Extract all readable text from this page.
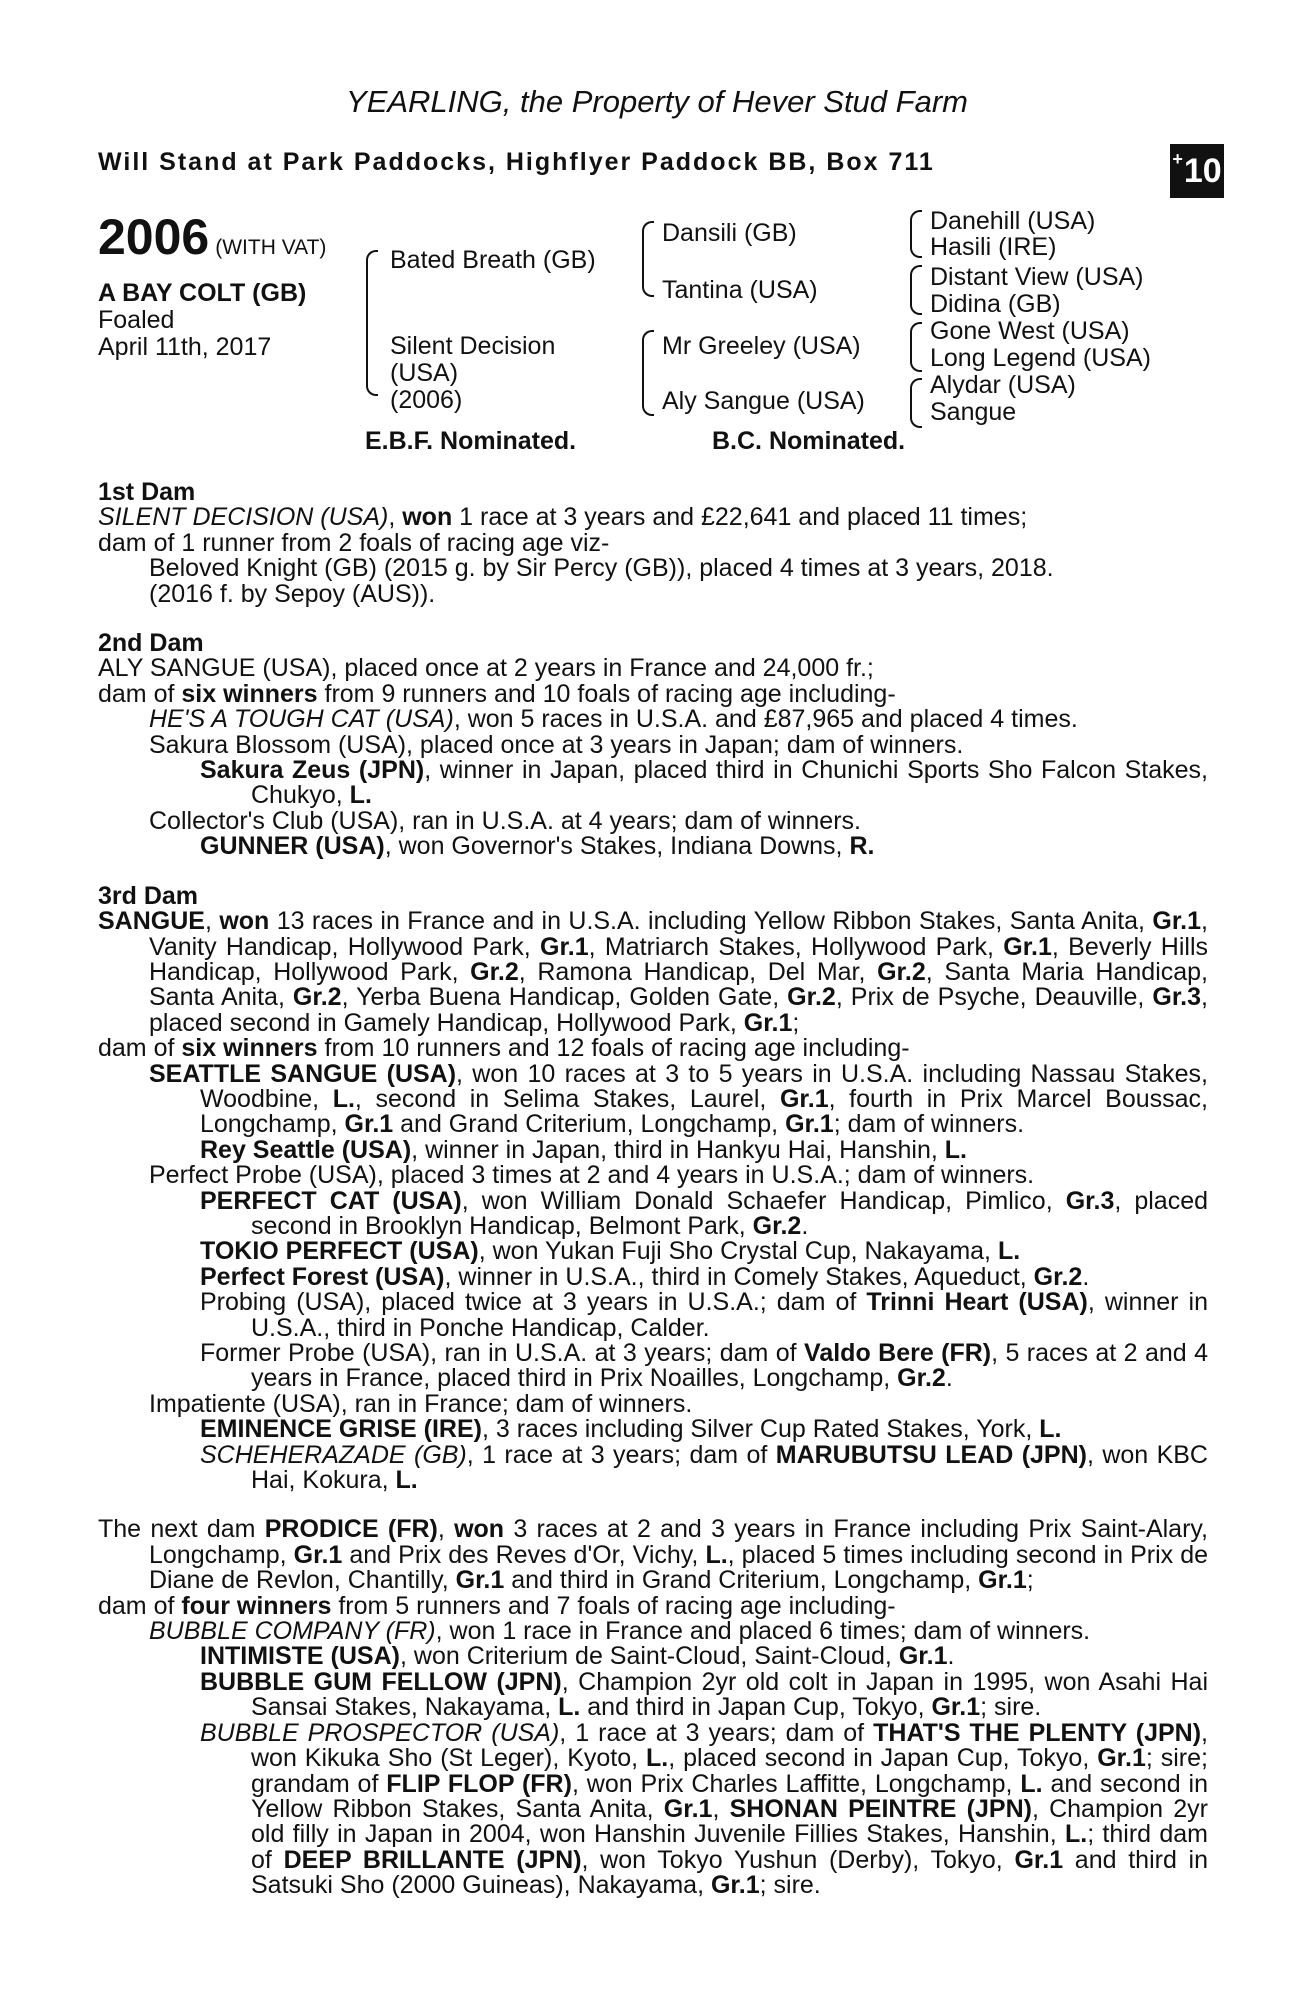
YEARLING, the Property of Hever Stud Farm
Will Stand at Park Paddocks, Highflyer Paddock BB, Box 711	+ 10
2006 (WITH VAT)
A BAY COLT (GB)
Foaled
April 11th, 2017
Bated Breath (GB)
Silent Decision
(USA)
(2006)
Dansili (GB)
Tantina (USA)
Mr Greeley (USA)
Aly Sangue (USA)
Danehill (USA)
Hasili (IRE)
Distant View (USA)
Didina (GB)
Gone West (USA)
Long Legend (USA)
Alydar (USA)
Sangue
E.B.F. Nominated.	B.C. Nominated.
1st Dam
SILENT DECISION (USA), won 1 race at 3 years and £22,641 and placed 11 times;
dam of 1 runner from 2 foals of racing age viz-
Beloved Knight (GB) (2015 g. by Sir Percy (GB)), placed 4 times at 3 years, 2018.
(2016 f. by Sepoy (AUS)).
2nd Dam
ALY SANGUE (USA), placed once at 2 years in France and 24,000 fr.;
dam of six winners from 9 runners and 10 foals of racing age including-
HE'S A TOUGH CAT (USA), won 5 races in U.S.A. and £87,965 and placed 4 times.
Sakura Blossom (USA), placed once at 3 years in Japan; dam of winners.
Sakura Zeus (JPN), winner in Japan, placed third in Chunichi Sports Sho Falcon Stakes, Chukyo, L.
Collector's Club (USA), ran in U.S.A. at 4 years; dam of winners.
GUNNER (USA), won Governor's Stakes, Indiana Downs, R.
3rd Dam
SANGUE, won 13 races in France and in U.S.A. including Yellow Ribbon Stakes, Santa Anita, Gr.1, Vanity Handicap, Hollywood Park, Gr.1, Matriarch Stakes, Hollywood Park, Gr.1, Beverly Hills Handicap, Hollywood Park, Gr.2, Ramona Handicap, Del Mar, Gr.2, Santa Maria Handicap, Santa Anita, Gr.2, Yerba Buena Handicap, Golden Gate, Gr.2, Prix de Psyche, Deauville, Gr.3, placed second in Gamely Handicap, Hollywood Park, Gr.1;
dam of six winners from 10 runners and 12 foals of racing age including-
SEATTLE SANGUE (USA), won 10 races at 3 to 5 years in U.S.A. including Nassau Stakes, Woodbine, L., second in Selima Stakes, Laurel, Gr.1, fourth in Prix Marcel Boussac, Longchamp, Gr.1 and Grand Criterium, Longchamp, Gr.1; dam of winners.
Rey Seattle (USA), winner in Japan, third in Hankyu Hai, Hanshin, L.
Perfect Probe (USA), placed 3 times at 2 and 4 years in U.S.A.; dam of winners.
PERFECT CAT (USA), won William Donald Schaefer Handicap, Pimlico, Gr.3, placed second in Brooklyn Handicap, Belmont Park, Gr.2.
TOKIO PERFECT (USA), won Yukan Fuji Sho Crystal Cup, Nakayama, L.
Perfect Forest (USA), winner in U.S.A., third in Comely Stakes, Aqueduct, Gr.2.
Probing (USA), placed twice at 3 years in U.S.A.; dam of Trinni Heart (USA), winner in U.S.A., third in Ponche Handicap, Calder.
Former Probe (USA), ran in U.S.A. at 3 years; dam of Valdo Bere (FR), 5 races at 2 and 4 years in France, placed third in Prix Noailles, Longchamp, Gr.2.
Impatiente (USA), ran in France; dam of winners.
EMINENCE GRISE (IRE), 3 races including Silver Cup Rated Stakes, York, L.
SCHEHERAZADE (GB), 1 race at 3 years; dam of MARUBUTSU LEAD (JPN), won KBC Hai, Kokura, L.
The next dam PRODICE (FR), won 3 races at 2 and 3 years in France including Prix Saint-Alary, Longchamp, Gr.1 and Prix des Reves d'Or, Vichy, L., placed 5 times including second in Prix de Diane de Revlon, Chantilly, Gr.1 and third in Grand Criterium, Longchamp, Gr.1;
dam of four winners from 5 runners and 7 foals of racing age including-
BUBBLE COMPANY (FR), won 1 race in France and placed 6 times; dam of winners.
INTIMISTE (USA), won Criterium de Saint-Cloud, Saint-Cloud, Gr.1.
BUBBLE GUM FELLOW (JPN), Champion 2yr old colt in Japan in 1995, won Asahi Hai Sansai Stakes, Nakayama, L. and third in Japan Cup, Tokyo, Gr.1; sire.
BUBBLE PROSPECTOR (USA), 1 race at 3 years; dam of THAT'S THE PLENTY (JPN), won Kikuka Sho (St Leger), Kyoto, L., placed second in Japan Cup, Tokyo, Gr.1; sire; grandam of FLIP FLOP (FR), won Prix Charles Laffitte, Longchamp, L. and second in Yellow Ribbon Stakes, Santa Anita, Gr.1, SHONAN PEINTRE (JPN), Champion 2yr old filly in Japan in 2004, won Hanshin Juvenile Fillies Stakes, Hanshin, L.; third dam of DEEP BRILLANTE (JPN), won Tokyo Yushun (Derby), Tokyo, Gr.1 and third in Satsuki Sho (2000 Guineas), Nakayama, Gr.1; sire.
